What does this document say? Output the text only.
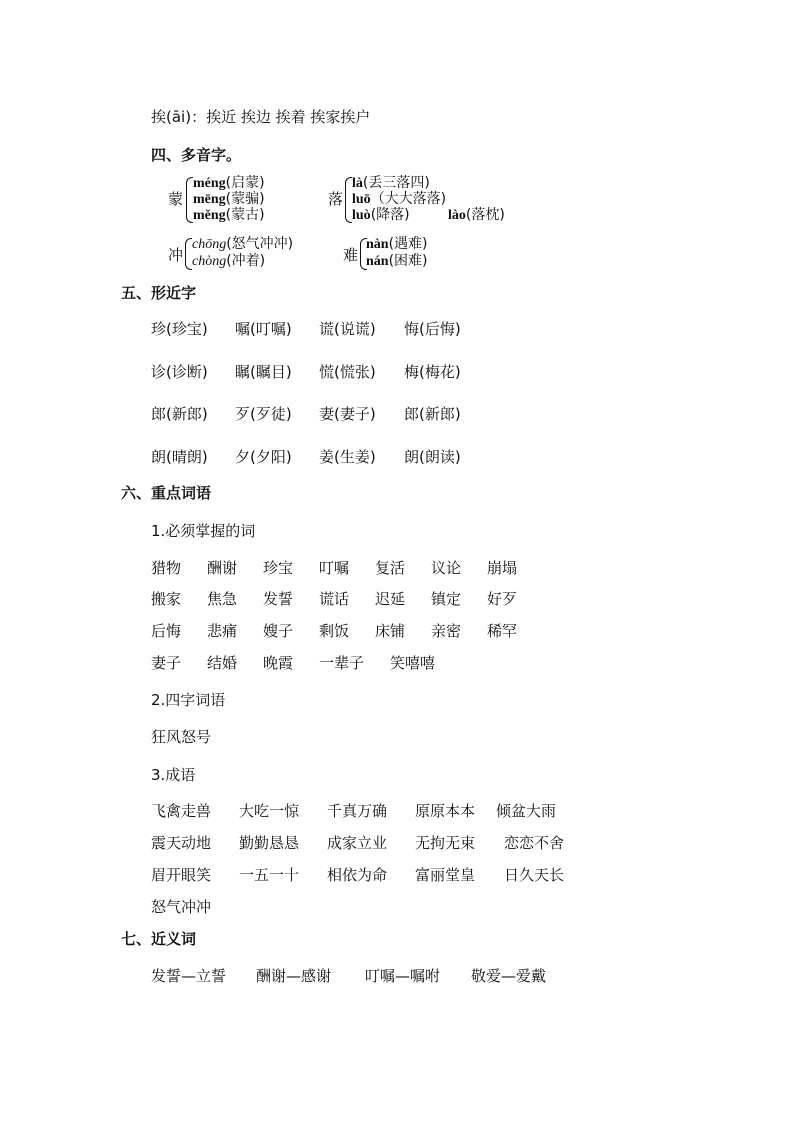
挨(āi)：挨近 挨边 挨着 挨家挨户
四、多音字。
蒙
méng(启蒙)
mēng(蒙骗)
měng(蒙古)
落
là(丢三落四)
luō（大大落落)
luò(降落)	lào(落枕)
冲
chōng(怒气冲冲)
chòng(冲着)	难
nàn(遇难)
nán(困难)
五、形近字
珍(珍宝) 嘱(叮嘱) 谎(说谎) 悔(后悔)
诊(诊断) 瞩(瞩目) 慌(慌张) 梅(梅花)
郎(新郎) 歹(歹徒) 妻(妻子) 郎(新郎)
朗(晴朗) 夕(夕阳) 姜(生姜) 朗(朗读)
六、重点词语
1.必须掌握的词
猎物 酬谢 珍宝 叮嘱 复活 议论 崩塌
搬家 焦急 发誓 谎话 迟延 镇定 好歹
后悔 悲痛 嫂子 剩饭 床铺 亲密 稀罕
妻子 结婚 晚霞 一辈子 笑嘻嘻
2.四字词语
狂风怒号
3.成语
飞禽走兽 大吃一惊 千真万确 原原本本 倾盆大雨
震天动地 勤勤恳恳 成家立业 无拘无束 恋恋不舍
眉开眼笑 一五一十 相依为命 富丽堂皇 日久天长
怒气冲冲
七、近义词
发誓—立誓 酬谢—感谢 叮嘱—嘱咐 敬爱—爱戴
